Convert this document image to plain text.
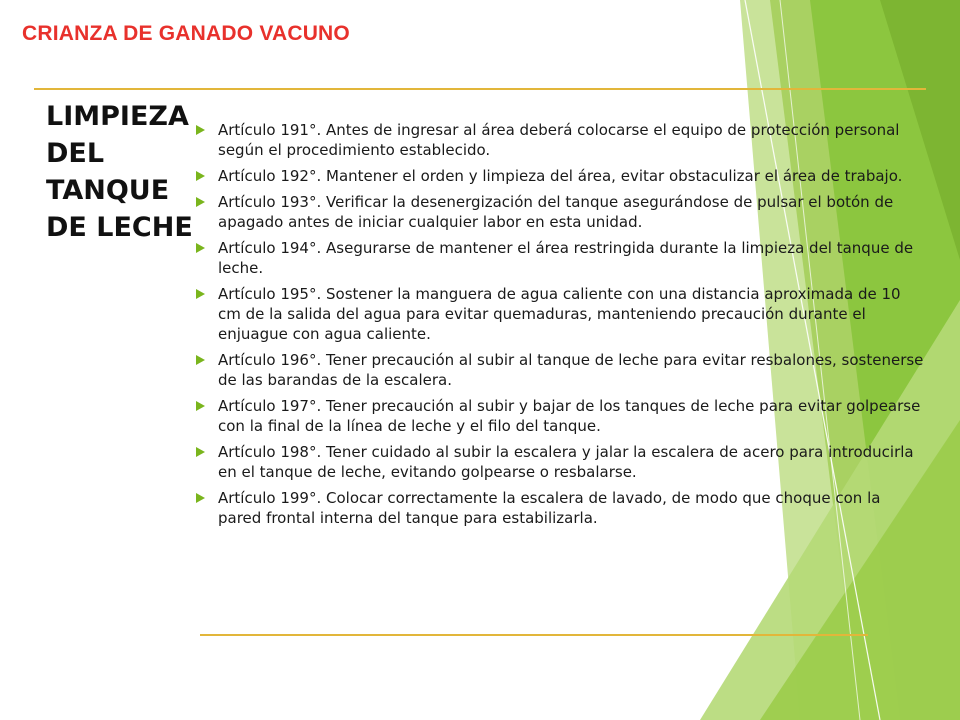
CRIANZA DE GANADO VACUNO
LIMPIEZA DEL TANQUE DE LECHE
Artículo 191°. Antes de ingresar al área deberá colocarse el equipo de protección personal según el procedimiento establecido.
Artículo 192°. Mantener el orden y limpieza del área, evitar obstaculizar el área de trabajo.
Artículo 193°. Verificar la desenergización del tanque asegurándose de pulsar el botón de apagado antes de iniciar cualquier labor en esta unidad.
Artículo 194°. Asegurarse de mantener el área restringida durante la limpieza del tanque de leche.
Artículo 195°. Sostener la manguera de agua caliente con una distancia aproximada de 10 cm de la salida del agua para evitar quemaduras, manteniendo precaución durante el enjuague con agua caliente.
Artículo 196°. Tener precaución al subir al tanque de leche para evitar resbalones, sostenerse de las barandas de la escalera.
Artículo 197°. Tener precaución al subir y bajar de los tanques de leche para evitar golpearse con la final de la línea de leche y el filo del tanque.
Artículo 198°. Tener cuidado al subir la escalera y jalar la escalera de acero para introducirla en el tanque de leche, evitando golpearse o resbalarse.
Artículo 199°. Colocar correctamente la escalera de lavado, de modo que choque con la pared frontal interna del tanque para estabilizarla.
